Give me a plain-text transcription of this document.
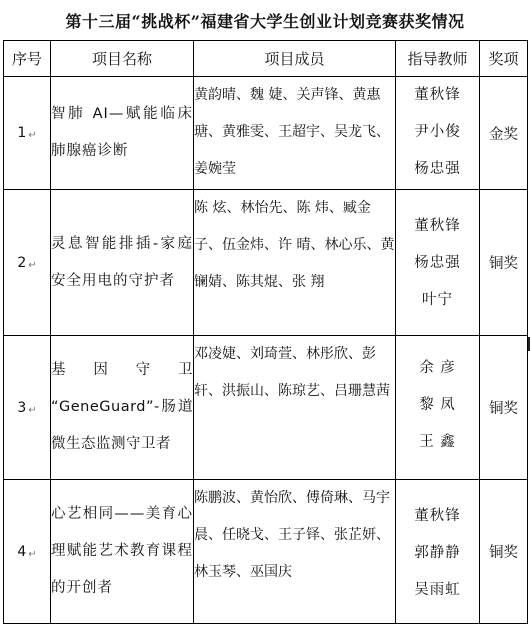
第十三届“挑战杯”福建省大学生创业计划竞赛获奖情况
序号	项目名称	项目成员	指导教师	奖项
1 ↵	智肺 AI—赋能临床肺腺癌诊断	黄韵晴、魏 婕、关声锋、黄惠瑭、黄雅雯、王超宇、吴龙飞、姜婉莹	董秋锋
尹小俊
杨忠强	金奖
2 ↵	灵息智能排插-家庭安全用电的守护者	陈 炫、林怡先、陈 炜、臧金子、伍金炜、许 晴、林心乐、黄镧婧、陈其焜、张 翔	董秋锋
杨忠强
叶宁	铜奖
3 ↵	基 因 守 卫 “GeneGuard”-肠道微生态监测守卫者	邓凌婕、刘琦萱、林彤欣、彭 轩、洪振山、陈琼艺、吕珊慧茜	余 彦
黎 凤
王 鑫	铜奖
4 ↵	心艺相同——美育心理赋能艺术教育课程的开创者	陈鹏波、黄怡欣、傅倚琳、马宇晨、任晓戈、王子铎、张芷妍、林玉琴、巫国庆	董秋锋
郭静静
吴雨虹	铜奖
